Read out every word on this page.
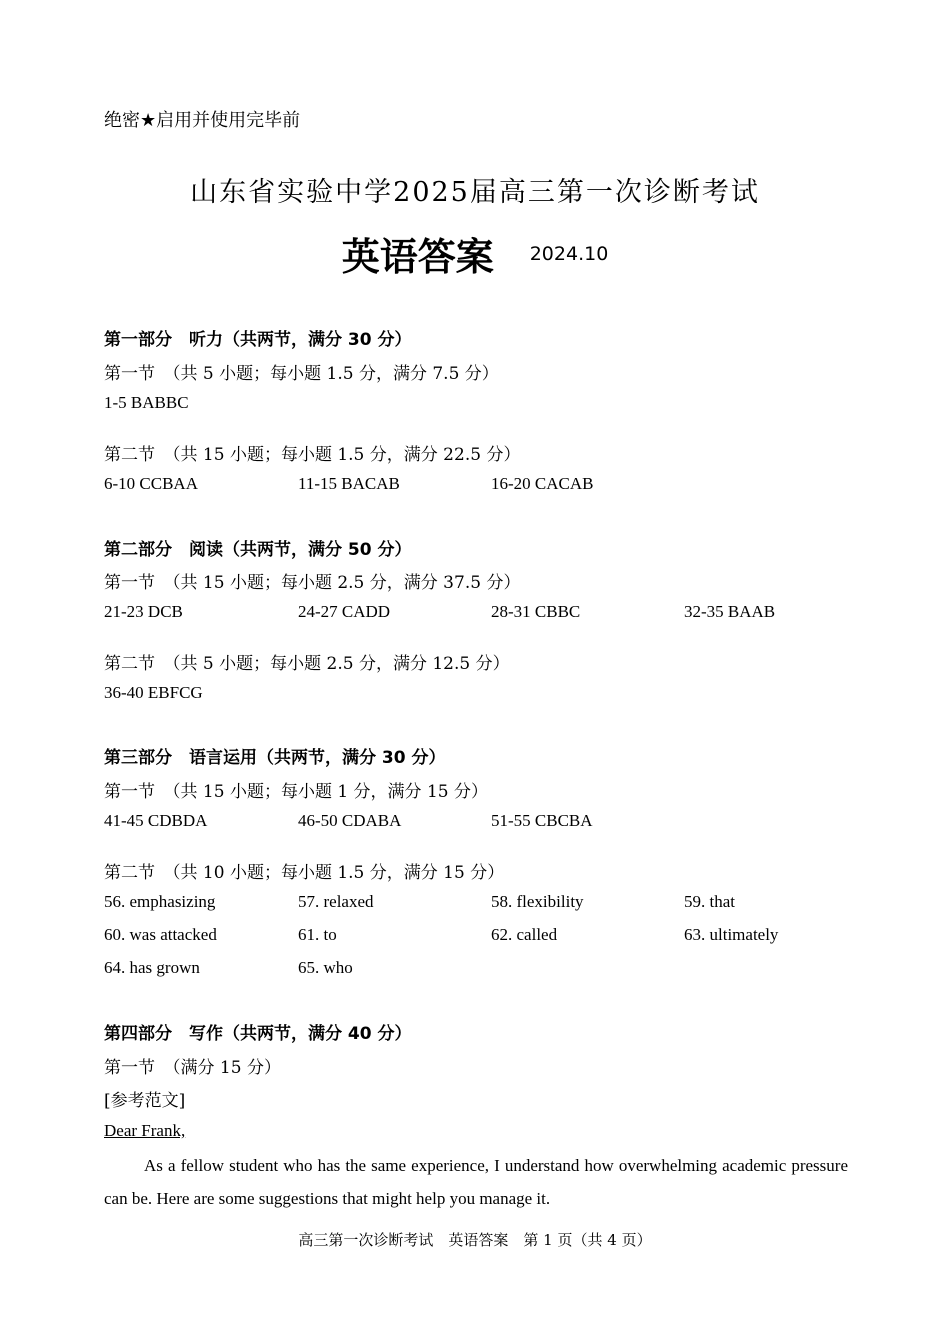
绝密★启用并使用完毕前
山东省实验中学2025届高三第一次诊断考试
英语答案 2024.10
第一部分　听力（共两节，满分 30 分）
第一节　（共 5 小题；每小题 1.5 分，满分 7.5 分）
1-5 BABBC
第二节　（共 15 小题；每小题 1.5 分，满分 22.5 分）
6-10 CCBAA	11-15 BACAB	16-20 CACAB
第二部分　阅读（共两节，满分 50 分）
第一节　（共 15 小题；每小题 2.5 分，满分 37.5 分）
21-23 DCB	24-27 CADD	28-31 CBBC	32-35 BAAB
第二节　（共 5 小题；每小题 2.5 分，满分 12.5 分）
36-40 EBFCG
第三部分　语言运用（共两节，满分 30 分）
第一节　（共 15 小题；每小题 1 分，满分 15 分）
41-45 CDBDA	46-50 CDABA	51-55 CBCBA
第二节　（共 10 小题；每小题 1.5 分，满分 15 分）
56. emphasizing	57. relaxed	58. flexibility	59. that
60. was attacked	61. to	62. called	63. ultimately
64. has grown	65. who
第四部分　写作（共两节，满分 40 分）
第一节　（满分 15 分）
[参考范文]
Dear Frank,
As a fellow student who has the same experience, I understand how overwhelming academic pressure can be. Here are some suggestions that might help you manage it.
高三第一次诊断考试　英语答案　第 1 页（共 4 页）
